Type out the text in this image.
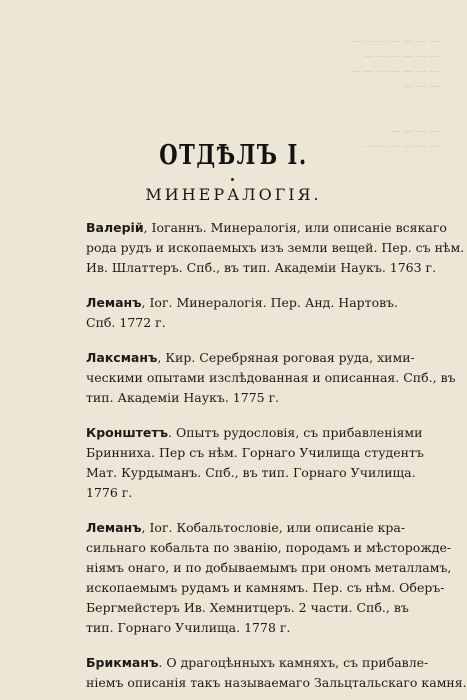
— — — — — — —
— — — — — —
— — — — — — —
— — —

— — — —
— — — — — —
ОТДѢЛЪ I.
МИНЕРАЛОГІЯ.
Валерій, Іоганнъ. Минералогія, или описаніе всякаго
рода рудъ и ископаемыхъ изъ земли вещей. Пер. съ нѣм.
Ив. Шлаттеръ. Спб., въ тип. Академіи Наукъ. 1763 г.
Леманъ, Іог. Минералогія. Пер. Анд. Нартовъ.
Спб. 1772 г.
Лаксманъ, Кир. Серебряная роговая руда, хими-
ческими опытами изслѣдованная и описанная. Спб., въ
тип. Академіи Наукъ. 1775 г.
Кронштетъ. Опытъ рудословія, съ прибавленіями
Бринниха. Пер съ нѣм. Горнаго Училища студентъ
Мат. Курдыманъ. Спб., въ тип. Горнаго Училища.
1776 г.
Леманъ, Іог. Кобальтословіе, или описаніе кра-
сильнаго кобальта по званію, породамъ и мѣсторожде-
ніямъ онаго, и по добываемымъ при ономъ металламъ,
ископаемымъ рудамъ и камнямъ. Пер. съ нѣм. Оберъ-
Бергмейстеръ Ив. Хемнитцеръ. 2 части. Спб., въ
тип. Горнаго Училища. 1778 г.
Брикманъ. О драгоцѣнныхъ камняхъ, съ прибавле-
ніемъ описанія такъ называемаго Зальцтальскаго камня.
